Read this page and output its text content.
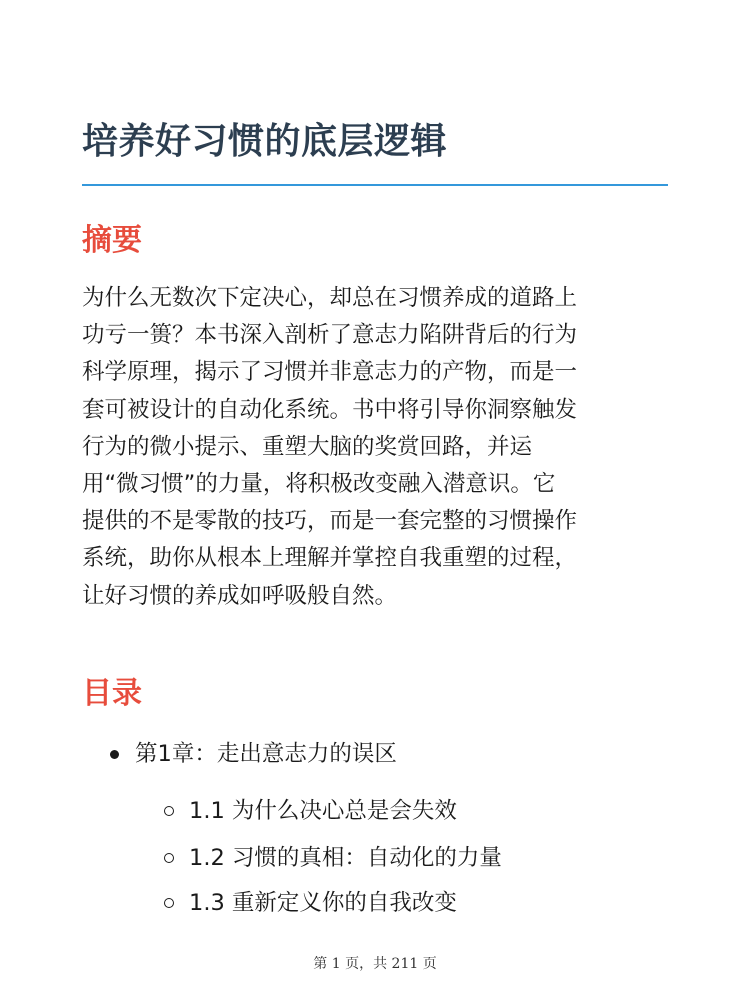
培养好习惯的底层逻辑
摘要

为什么无数次下定决心，却总在习惯养成的道路上
功亏一篑？本书深入剖析了意志力陷阱背后的行为
科学原理，揭示了习惯并非意志力的产物，而是一
套可被设计的自动化系统。书中将引导你洞察触发
行为的微小提示、重塑大脑的奖赏回路，并运
用“微习惯”的力量，将积极改变融入潜意识。它
提供的不是零散的技巧，而是一套完整的习惯操作
系统，助你从根本上理解并掌控自我重塑的过程，
让好习惯的养成如呼吸般自然。

目录
第1章：走出意志力的误区
1.1 为什么决心总是会失效
1.2 习惯的真相：自动化的力量
1.3 重新定义你的自我改变
第 1 页，共 211 页
